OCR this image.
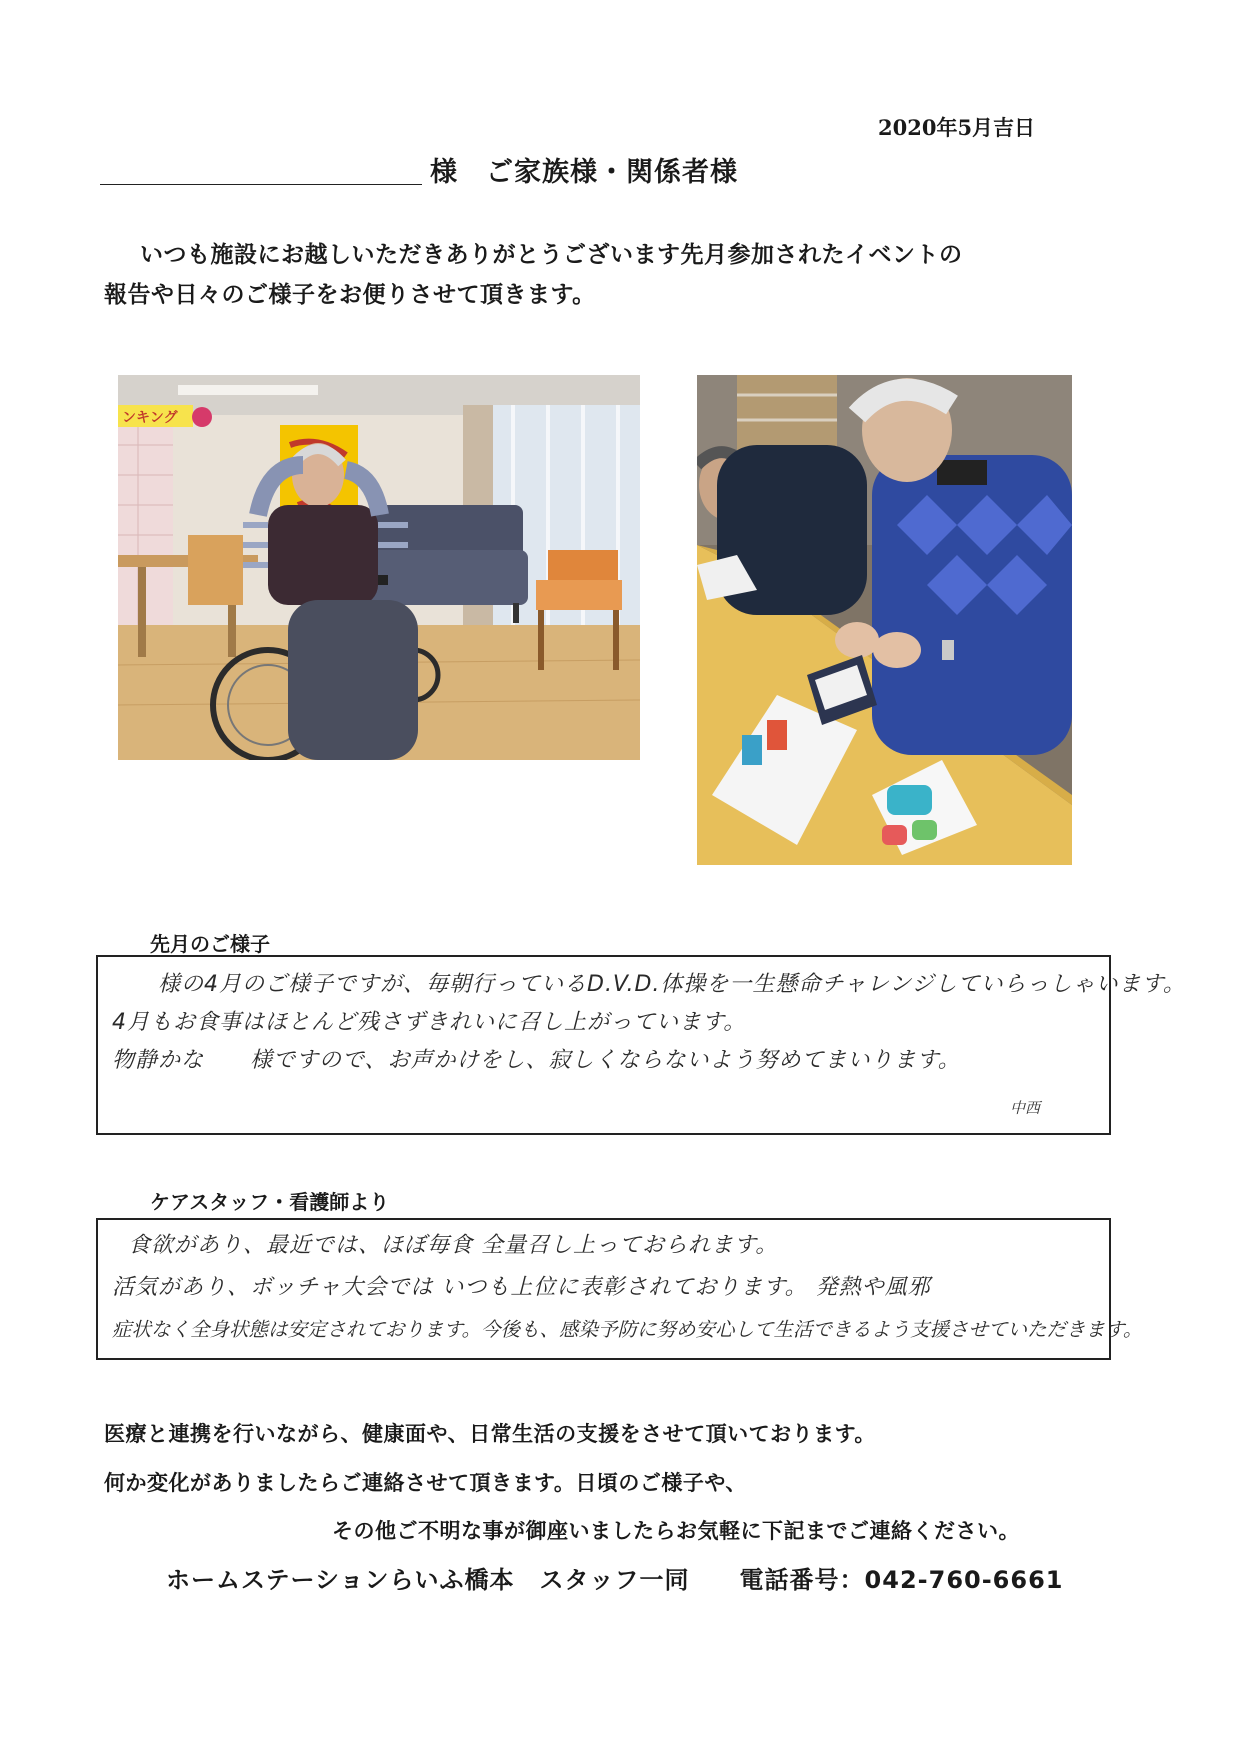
2020年5月吉日
様　ご家族様・関係者様
いつも施設にお越しいただきありがとうございます先月参加されたイベントの
報告や日々のご様子をお便りさせて頂きます。
ンキング
先月のご様子
様の4月のご様子ですが、毎朝行っているD.V.D.体操を一生懸命チャレンジしていらっしゃいます。
4月もお食事はほとんど残さずきれいに召し上がっています。
物静かな　　様ですので、お声かけをし、寂しくならないよう努めてまいります。
中西
ケアスタッフ・看護師より
食欲があり、最近では、ほぼ毎食 全量召し上っておられます。
活気があり、ボッチャ大会では いつも上位に表彰されております。 発熱や風邪
症状なく全身状態は安定されております。今後も、感染予防に努め安心して生活できるよう支援させていただきます。
医療と連携を行いながら、健康面や、日常生活の支援をさせて頂いております。
何か変化がありましたらご連絡させて頂きます。日頃のご様子や、
その他ご不明な事が御座いましたらお気軽に下記までご連絡ください。
ホームステーションらいふ橋本　スタッフ一同　　電話番号：042-760-6661
